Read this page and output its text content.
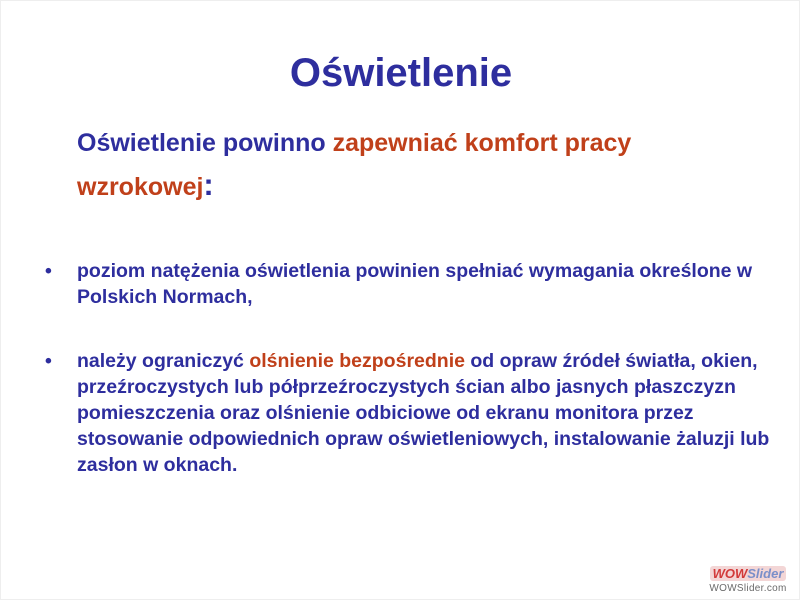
Oświetlenie
Oświetlenie powinno zapewniać komfort pracy wzrokowej:
• poziom natężenia oświetlenia powinien spełniać wymagania określone w Polskich Normach,
• należy ograniczyć olśnienie bezpośrednie od opraw źródeł światła, okien, przeźroczystych lub półprzeźroczystych ścian albo jasnych płaszczyzn pomieszczenia oraz olśnienie odbiciowe od ekranu monitora przez stosowanie odpowiednich opraw oświetleniowych, instalowanie żaluzji lub zasłon w oknach.
WOWSlider
WOWSlider.com
